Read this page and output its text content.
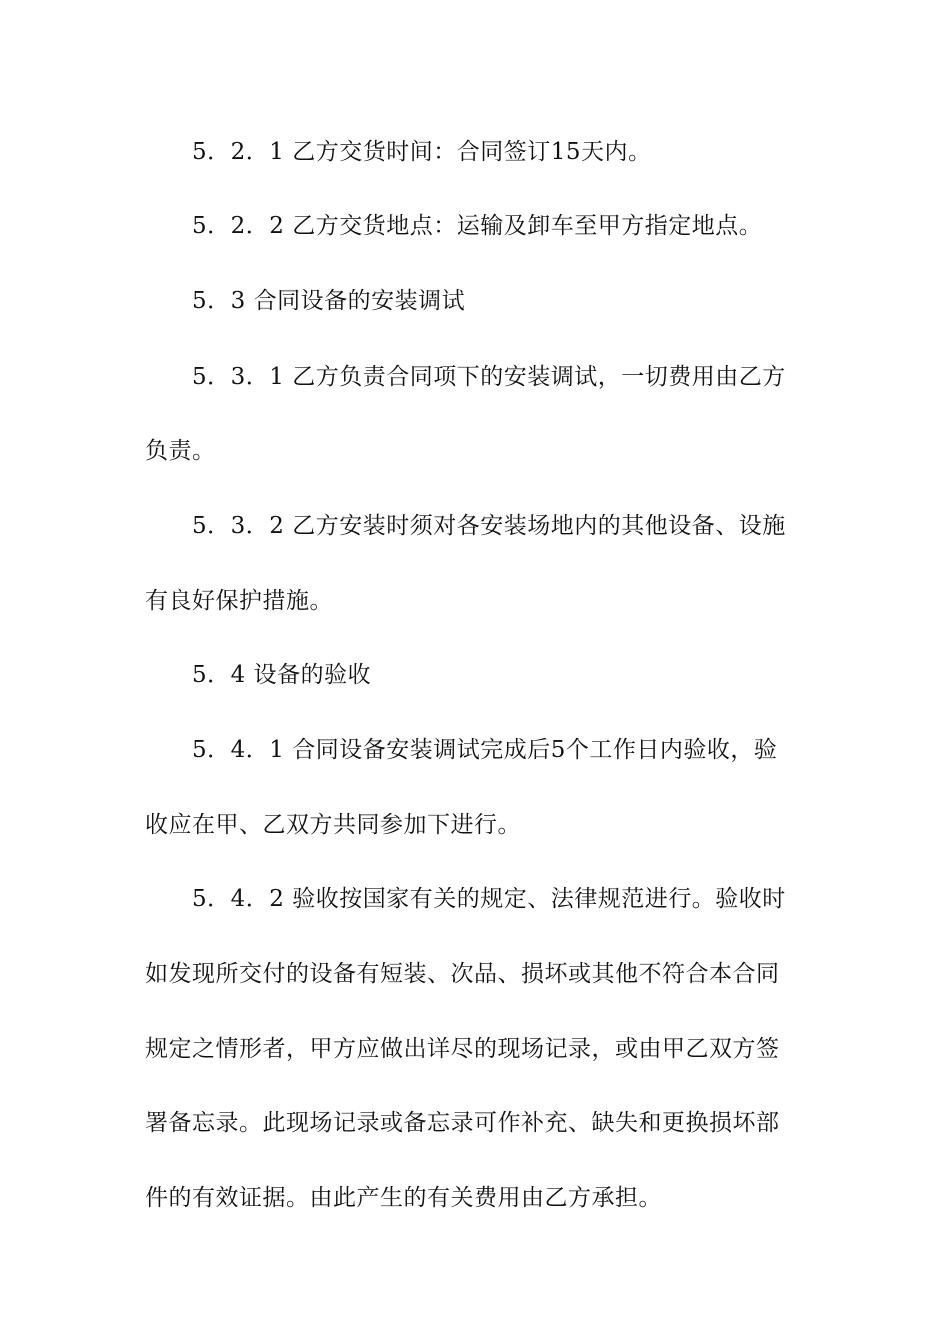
5．2．1 乙方交货时间：合同签订15天内。
5．2．2 乙方交货地点：运输及卸车至甲方指定地点。
5．3 合同设备的安装调试
5．3．1 乙方负责合同项下的安装调试，一切费用由乙方
负责。
5．3．2 乙方安装时须对各安装场地内的其他设备、设施
有良好保护措施。
5．4 设备的验收
5．4．1 合同设备安装调试完成后5个工作日内验收，验
收应在甲、乙双方共同参加下进行。
5．4．2 验收按国家有关的规定、法律规范进行。验收时
如发现所交付的设备有短装、次品、损坏或其他不符合本合同
规定之情形者，甲方应做出详尽的现场记录，或由甲乙双方签
署备忘录。此现场记录或备忘录可作补充、缺失和更换损坏部
件的有效证据。由此产生的有关费用由乙方承担。
